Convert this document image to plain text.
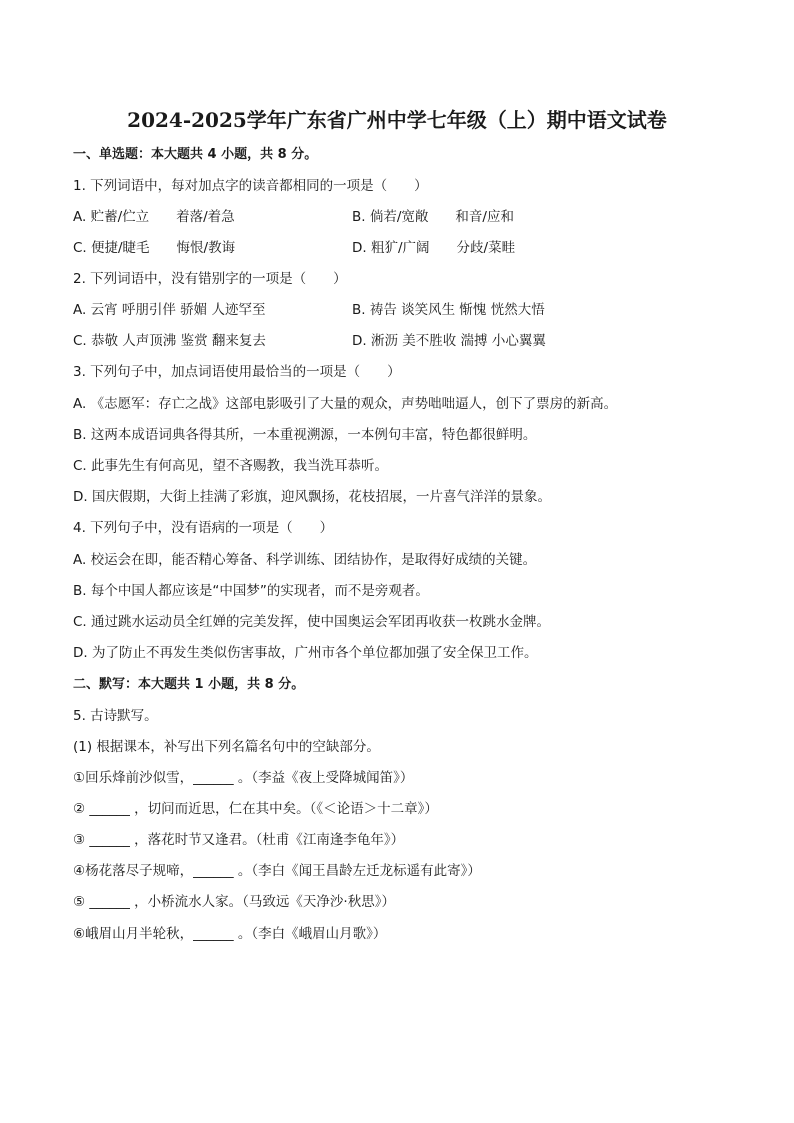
2024-2025学年广东省广州中学七年级（上）期中语文试卷
一、单选题：本大题共 4 小题，共 8 分。
1. 下列词语中，每对加点字的读音都相同的一项是（　　）
A. 贮蓄/伫立　　着落/着急	B. 倘若/宽敞　　和音/应和
C. 便捷/睫毛　　悔恨/教诲	D. 粗犷/广阔　　分歧/菜畦
2. 下列词语中，没有错别字的一项是（　　）
A. 云宵 呼朋引伴 骄媚 人迹罕至	B. 祷告 谈笑风生 惭愧 恍然大悟
C. 恭敬 人声顶沸 鉴赏 翻来复去	D. 淅沥 美不胜收 湍搏 小心翼翼
3. 下列句子中，加点词语使用最恰当的一项是（　　）
A. 《志愿军：存亡之战》这部电影吸引了大量的观众，声势咄咄逼人，创下了票房的新高。
B. 这两本成语词典各得其所，一本重视溯源，一本例句丰富，特色都很鲜明。
C. 此事先生有何高见，望不吝赐教，我当洗耳恭听。
D. 国庆假期，大街上挂满了彩旗，迎风飘扬，花枝招展，一片喜气洋洋的景象。
4. 下列句子中，没有语病的一项是（　　）
A. 校运会在即，能否精心筹备、科学训练、团结协作，是取得好成绩的关键。
B. 每个中国人都应该是“中国梦”的实现者，而不是旁观者。
C. 通过跳水运动员全红婵的完美发挥，使中国奥运会军团再收获一枚跳水金牌。
D. 为了防止不再发生类似伤害事故，广州市各个单位都加强了安全保卫工作。
二、默写：本大题共 1 小题，共 8 分。
5. 古诗默写。
(1) 根据课本，补写出下列名篇名句中的空缺部分。
①回乐烽前沙似雪，______ 。（李益《夜上受降城闻笛》）
② ______ ，切问而近思，仁在其中矣。（《＜论语＞十二章》）
③ ______ ，落花时节又逢君。（杜甫《江南逢李龟年》）
④杨花落尽子规啼，______ 。（李白《闻王昌龄左迁龙标遥有此寄》）
⑤ ______ ，小桥流水人家。（马致远《天净沙·秋思》）
⑥峨眉山月半轮秋，______ 。（李白《峨眉山月歌》）
